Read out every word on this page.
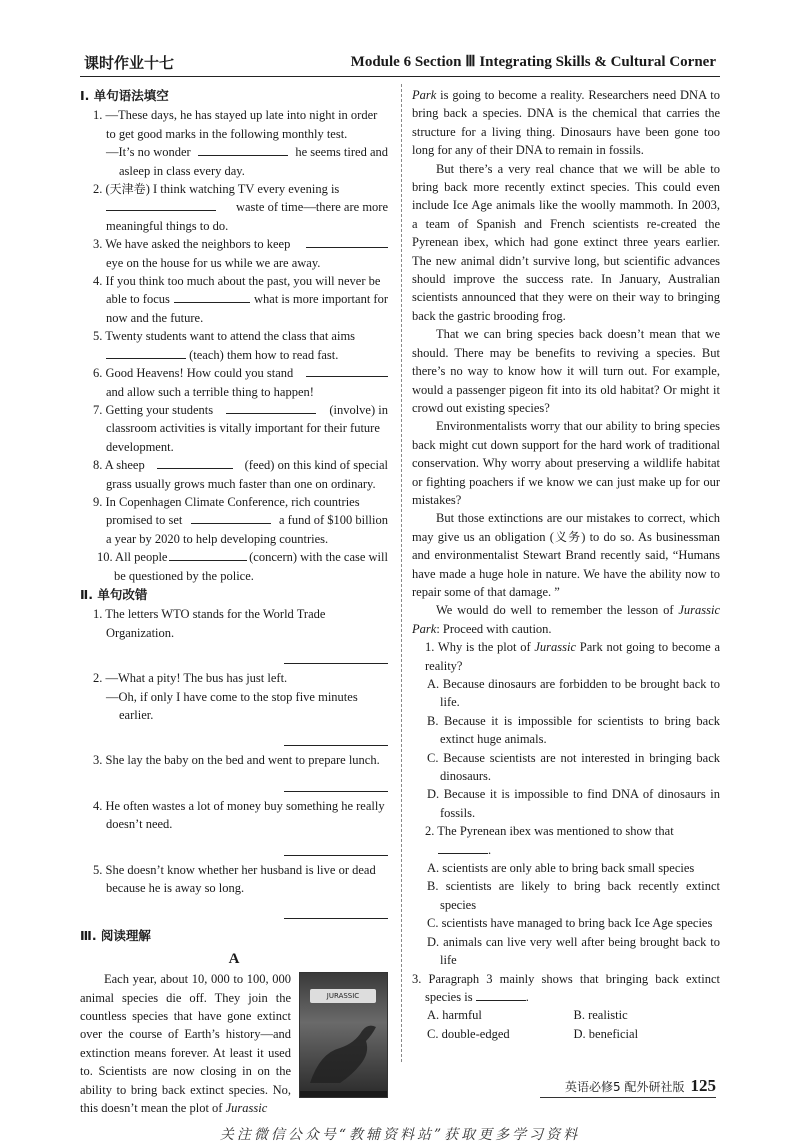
课时作业十七	Module 6 Section Ⅲ Integrating Skills & Cultural Corner
Ⅰ. 单句语法填空
1. —These days, he has stayed up late into night in order
to get good marks in the following monthly test.
—It’s no wonder	he seems tired and
asleep in class every day.
2. (天津卷) I think watching TV every evening is
waste of time—there are more
meaningful things to do.
3. We have asked the neighbors to keep
eye on the house for us while we are away.
4. If you think too much about the past, you will never be
able to focus	what is more important for
now and the future.
5. Twenty students want to attend the class that aims
(teach) them how to read fast.
6. Good Heavens! How could you stand
and allow such a terrible thing to happen!
7. Getting your students	(involve) in
classroom activities is vitally important for their future
development.
8. A sheep	(feed) on this kind of special
grass usually grows much faster than one on ordinary.
9. In Copenhagen Climate Conference, rich countries
promised to set	a fund of $100 billion
a year by 2020 to help developing countries.
10. All people	(concern) with the case will
be questioned by the police.
Ⅱ. 单句改错
1. The letters WTO stands for the World Trade
Organization.
2. —What a pity! The bus has just left.
—Oh, if only I have come to the stop five minutes
earlier.
3. She lay the baby on the bed and went to prepare lunch.
4. He often wastes a lot of money buy something he really
doesn’t need.
5. She doesn’t know whether her husband is live or dead
because he is away so long.
Ⅲ. 阅读理解
A
JURASSIC

Each year, about 10, 000 to 100, 000 animal species die off. They join the countless species that have gone extinct over the course of Earth’s history—and extinction means forever. At least it used to. Scientists are now closing in on the ability to bring back extinct species. No, this doesn’t mean the plot of Jurassic

Park is going to become a reality. Researchers need DNA to bring back a species. DNA is the chemical that carries the structure for a living thing. Dinosaurs have been gone too long for any of their DNA to remain in fossils.

But there’s a very real chance that we will be able to bring back more recently extinct species. This could even include Ice Age animals like the woolly mammoth. In 2003, a team of Spanish and French scientists re-created the Pyrenean ibex, which had gone extinct three years earlier. The new animal didn’t survive long, but scientific advances should improve the success rate. In January, Australian scientists announced that they were on their way to bringing back the gastric brooding frog.

That we can bring species back doesn’t mean that we should. There may be benefits to reviving a species. But there’s no way to know how it will turn out. For example, would a passenger pigeon fit into its old habitat? Or might it crowd out existing species?

Environmentalists worry that our ability to bring species back might cut down support for the hard work of traditional conservation. Why worry about preserving a wildlife habitat or fighting poachers if we know we can just make up for our mistakes?

But those extinctions are our mistakes to correct, which may give us an obligation (义务) to do so. As businessman and environmentalist Stewart Brand recently said, “Humans have made a huge hole in nature. We have the ability now to repair some of that damage. ”

We would do well to remember the lesson of Jurassic Park: Proceed with caution.

1. Why is the plot of Jurassic Park not going to become a reality?
A. Because dinosaurs are forbidden to be brought back to life.
B. Because it is impossible for scientists to bring back extinct huge animals.
C. Because scientists are not interested in bringing back dinosaurs.
D. Because it is impossible to find DNA of dinosaurs in fossils.
2. The Pyrenean ibex was mentioned to show that
.
A. scientists are only able to bring back small species
B. scientists are likely to bring back recently extinct species
C. scientists have managed to bring back Ice Age species
D. animals can live very well after being brought back to life
3. Paragraph 3 mainly shows that bringing back extinct species is	.
A. harmful	B. realistic
C. double-edged	D. beneficial
英语必修5 配外研社版 125
关注微信公众号“教辅资料站”获取更多学习资料
